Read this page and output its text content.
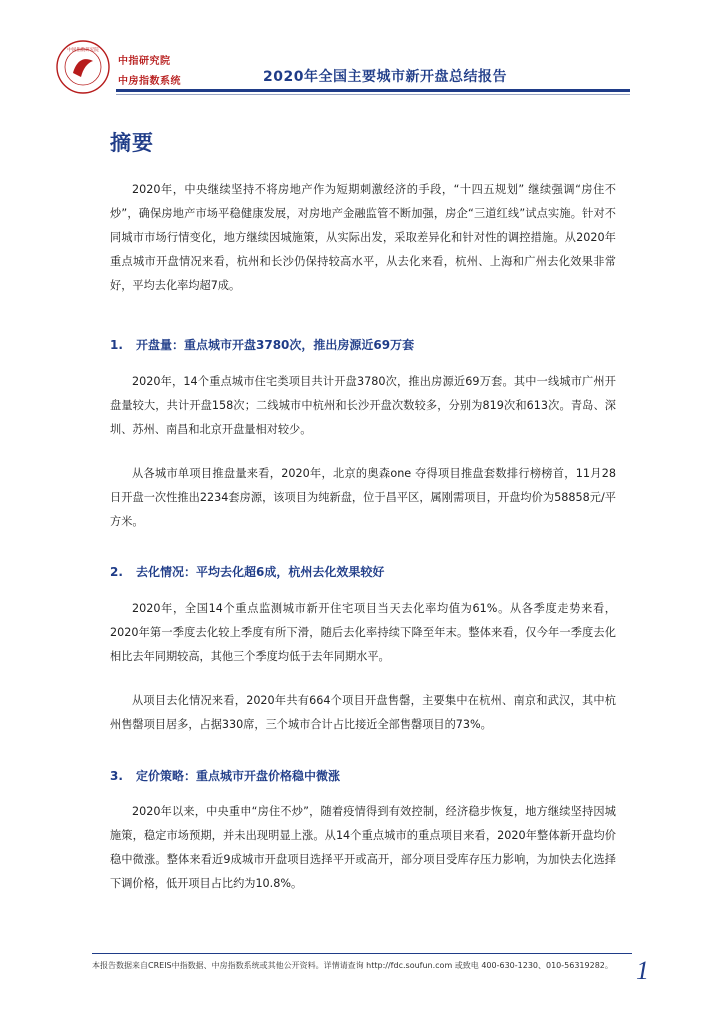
中国指数研究院
中指研究院
中房指数系统	2020年全国主要城市新开盘总结报告
摘要

2020年，中央继续坚持不将房地产作为短期刺激经济的手段，“十四五规划” 继续强调“房住不炒”，确保房地产市场平稳健康发展，对房地产金融监管不断加强，房企“三道红线”试点实施。针对不同城市市场行情变化，地方继续因城施策，从实际出发，采取差异化和针对性的调控措施。从2020年重点城市开盘情况来看，杭州和长沙仍保持较高水平，从去化来看，杭州、上海和广州去化效果非常好，平均去化率均超7成。

1. 开盘量：重点城市开盘3780次，推出房源近69万套

2020年，14个重点城市住宅类项目共计开盘3780次，推出房源近69万套。其中一线城市广州开盘量较大，共计开盘158次；二线城市中杭州和长沙开盘次数较多，分别为819次和613次。青岛、深圳、苏州、南昌和北京开盘量相对较少。

从各城市单项目推盘量来看，2020年，北京的奥森one 夺得项目推盘套数排行榜榜首，11月28日开盘一次性推出2234套房源，该项目为纯新盘，位于昌平区，属刚需项目，开盘均价为58858元/平方米。

2. 去化情况：平均去化超6成，杭州去化效果较好

2020年，全国14个重点监测城市新开住宅项目当天去化率均值为61%。从各季度走势来看，2020年第一季度去化较上季度有所下滑，随后去化率持续下降至年末。整体来看，仅今年一季度去化相比去年同期较高，其他三个季度均低于去年同期水平。

从项目去化情况来看，2020年共有664个项目开盘售罄，主要集中在杭州、南京和武汉，其中杭州售罄项目居多，占据330席，三个城市合计占比接近全部售罄项目的73%。

3. 定价策略：重点城市开盘价格稳中微涨

2020年以来，中央重申“房住不炒”，随着疫情得到有效控制，经济稳步恢复，地方继续坚持因城施策，稳定市场预期，并未出现明显上涨。从14个重点城市的重点项目来看，2020年整体新开盘均价稳中微涨。整体来看近9成城市开盘项目选择平开或高开，部分项目受库存压力影响，为加快去化选择下调价格，低开项目占比约为10.8%。

本报告数据来自CREIS中指数据、中房指数系统或其他公开资料。详情请查询 http://fdc.soufun.com 或致电 400-630-1230、010-56319282。 1
